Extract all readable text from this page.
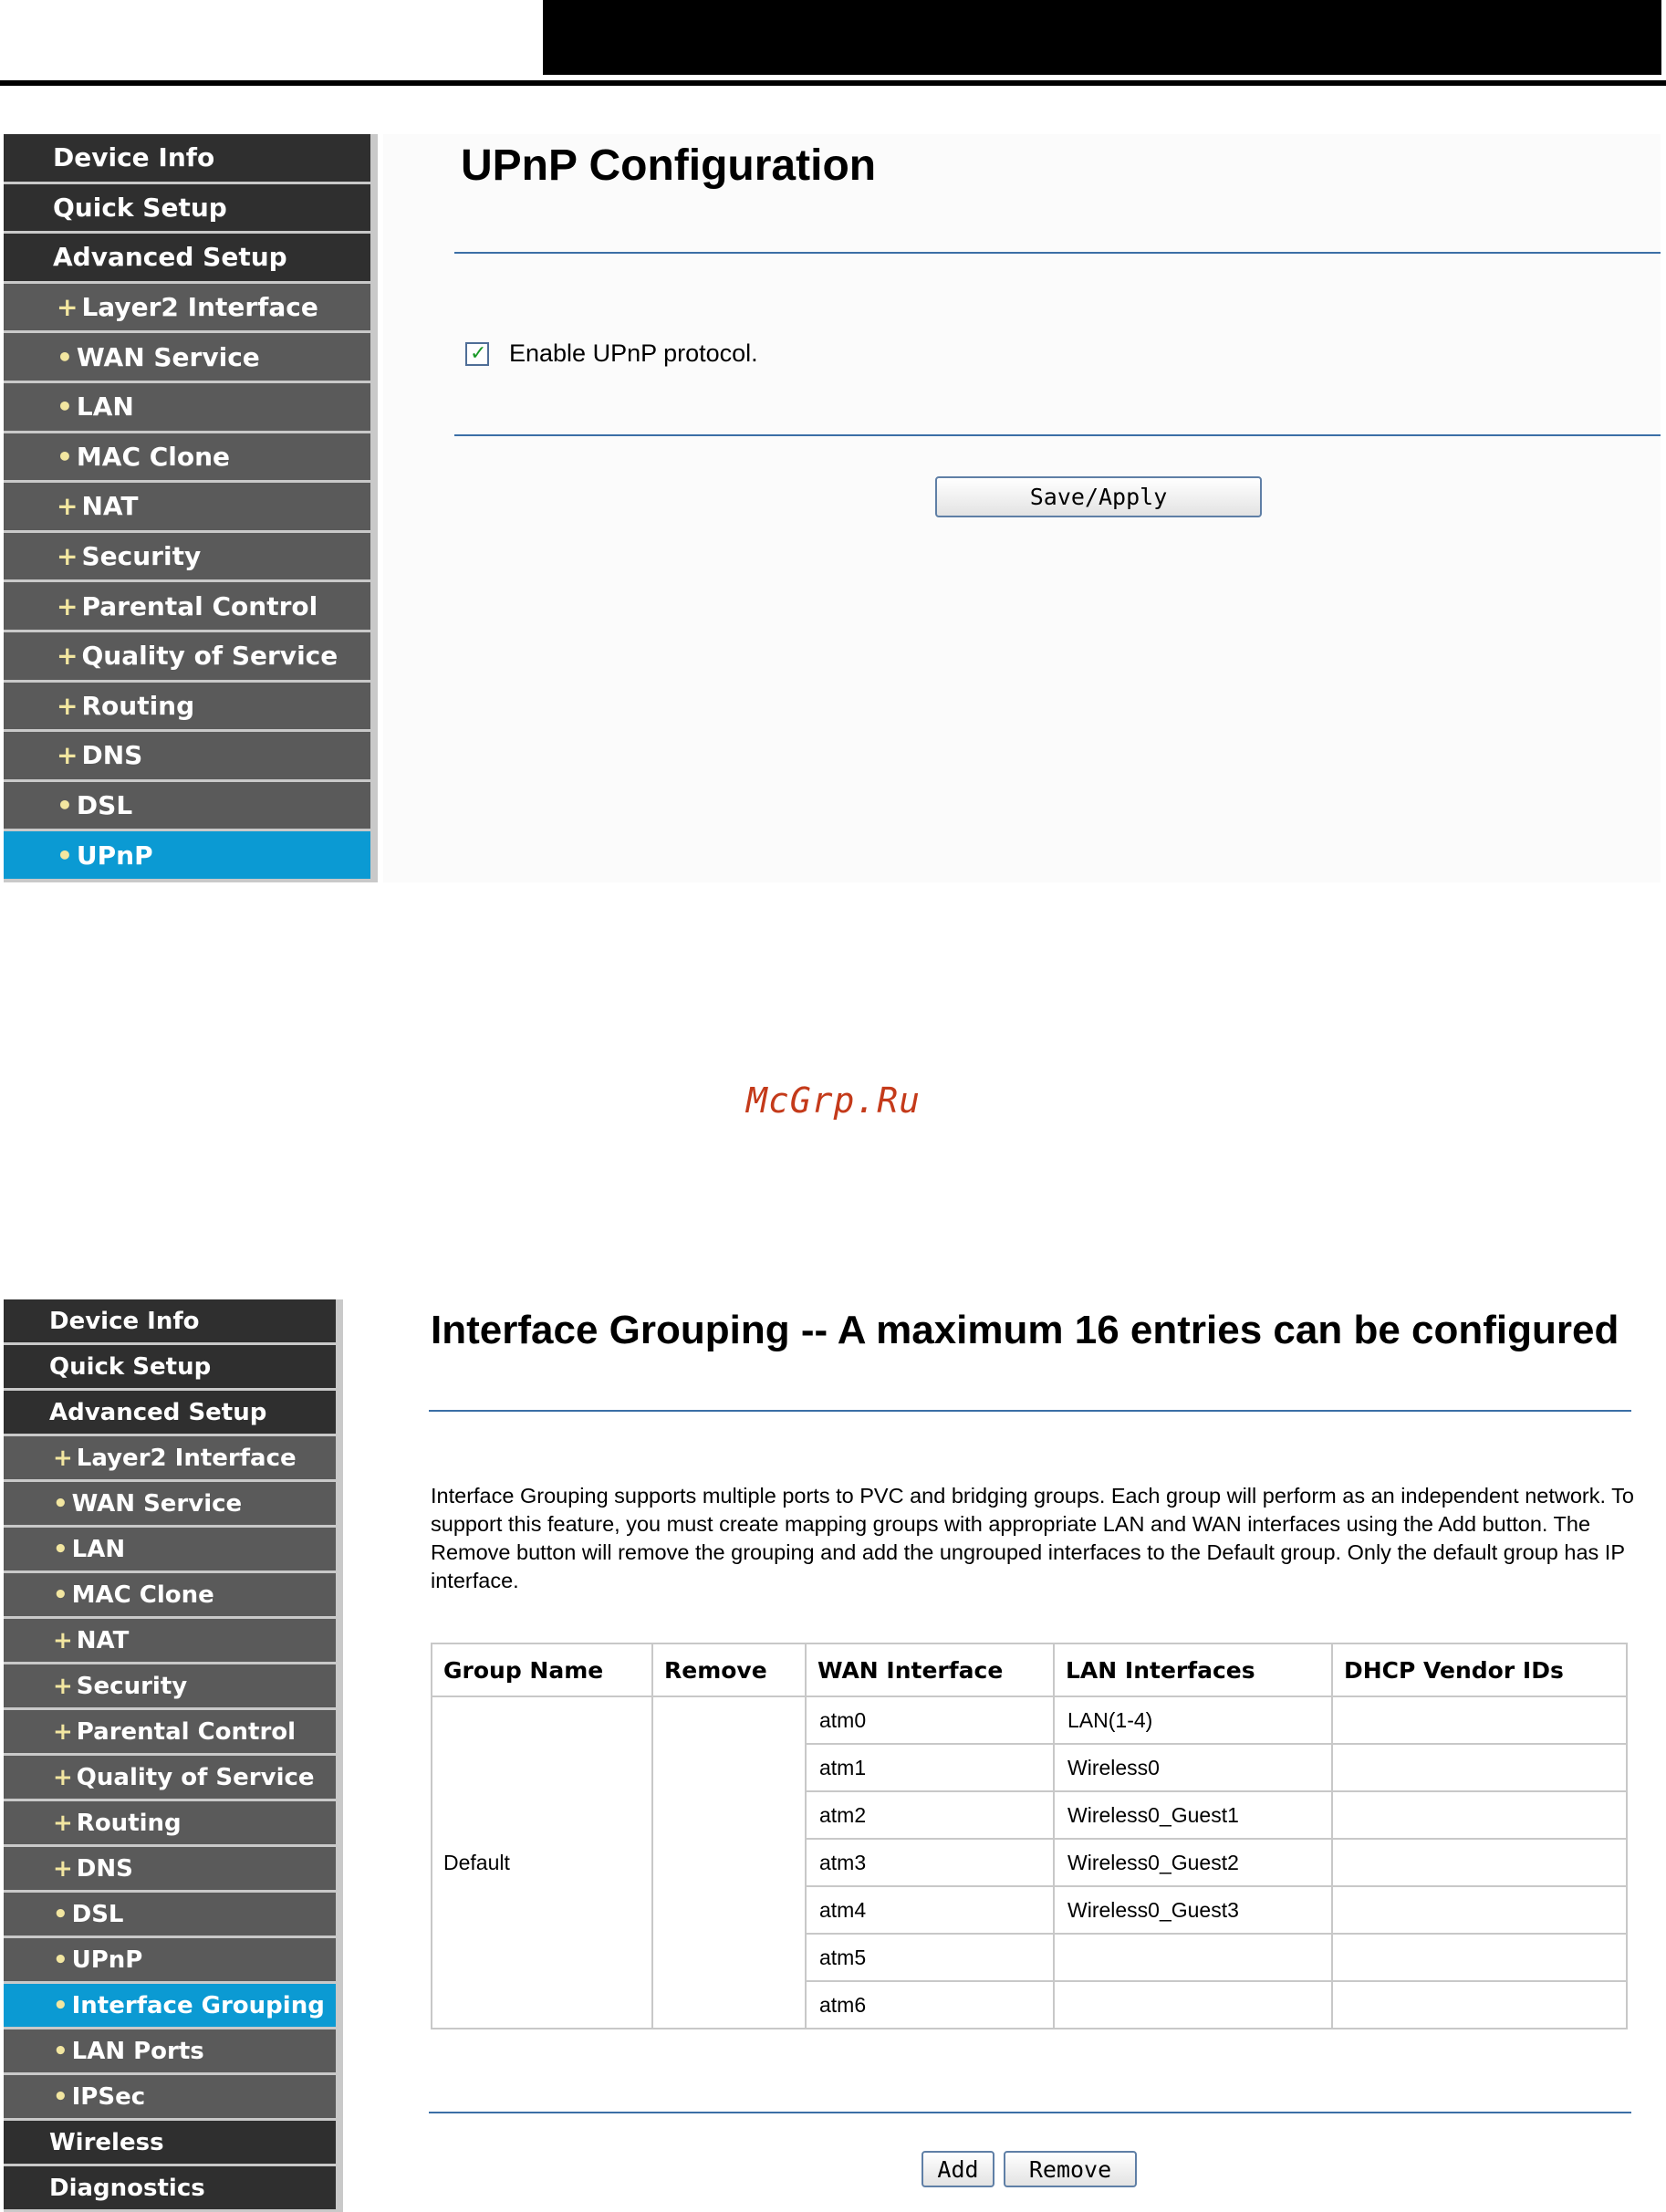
Device Info
Quick Setup
Advanced Setup
+ Layer2 Interface
• WAN Service
• LAN
• MAC Clone
+ NAT
+ Security
+ Parental Control
+ Quality of Service
+ Routing
+ DNS
• DSL
• UPnP
UPnP Configuration
✓ Enable UPnP protocol.
Save/Apply
McGrp.Ru
Device Info
Quick Setup
Advanced Setup
+ Layer2 Interface
• WAN Service
• LAN
• MAC Clone
+ NAT
+ Security
+ Parental Control
+ Quality of Service
+ Routing
+ DNS
• DSL
• UPnP
• Interface Grouping
• LAN Ports
• IPSec
Wireless
Diagnostics
Interface Grouping -- A maximum 16 entries can be configured
Interface Grouping supports multiple ports to PVC and bridging groups. Each group will perform as an independent network. To support this feature, you must create mapping groups with appropriate LAN and WAN interfaces using the Add button. The Remove button will remove the grouping and add the ungrouped interfaces to the Default group. Only the default group has IP interface.
Group Name	Remove	WAN Interface	LAN Interfaces	DHCP Vendor IDs
Default		atm0	LAN(1-4)	
		atm1	Wireless0	
		atm2	Wireless0_Guest1	
		atm3	Wireless0_Guest2	
		atm4	Wireless0_Guest3	
		atm5		
		atm6		
Add	Remove
